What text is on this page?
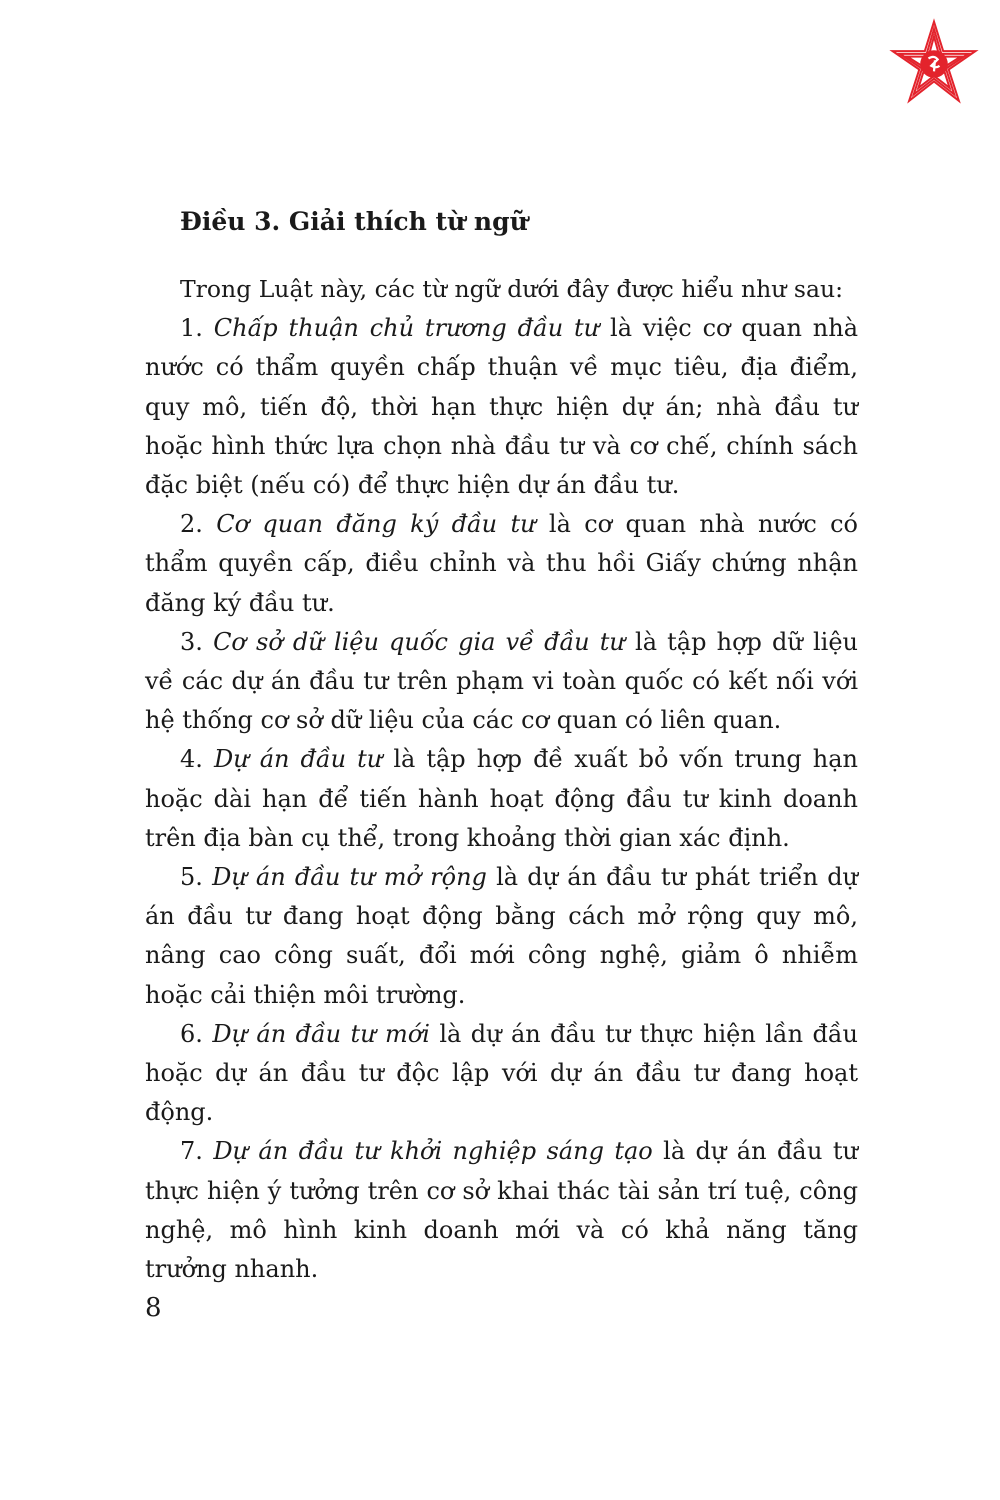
Điều 3. Giải thích từ ngữ

Trong Luật này, các từ ngữ dưới đây được hiểu như sau:

1. Chấp thuận chủ trương đầu tư là việc cơ quan nhà nước có thẩm quyền chấp thuận về mục tiêu, địa điểm, quy mô, tiến độ, thời hạn thực hiện dự án; nhà đầu tư hoặc hình thức lựa chọn nhà đầu tư và cơ chế, chính sách đặc biệt (nếu có) để thực hiện dự án đầu tư.

2. Cơ quan đăng ký đầu tư là cơ quan nhà nước có thẩm quyền cấp, điều chỉnh và thu hồi Giấy chứng nhận đăng ký đầu tư.

3. Cơ sở dữ liệu quốc gia về đầu tư là tập hợp dữ liệu về các dự án đầu tư trên phạm vi toàn quốc có kết nối với hệ thống cơ sở dữ liệu của các cơ quan có liên quan.

4. Dự án đầu tư là tập hợp đề xuất bỏ vốn trung hạn hoặc dài hạn để tiến hành hoạt động đầu tư kinh doanh trên địa bàn cụ thể, trong khoảng thời gian xác định.

5. Dự án đầu tư mở rộng là dự án đầu tư phát triển dự án đầu tư đang hoạt động bằng cách mở rộng quy mô, nâng cao công suất, đổi mới công nghệ, giảm ô nhiễm hoặc cải thiện môi trường.

6. Dự án đầu tư mới là dự án đầu tư thực hiện lần đầu hoặc dự án đầu tư độc lập với dự án đầu tư đang hoạt động.

7. Dự án đầu tư khởi nghiệp sáng tạo là dự án đầu tư thực hiện ý tưởng trên cơ sở khai thác tài sản trí tuệ, công nghệ, mô hình kinh doanh mới và có khả năng tăng trưởng nhanh.

8
